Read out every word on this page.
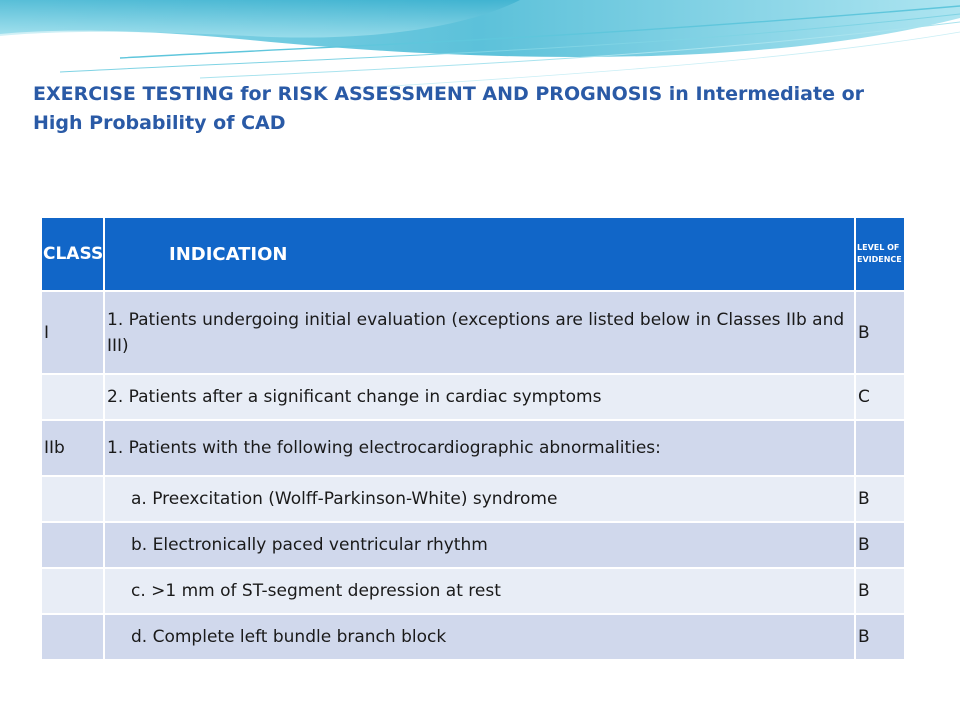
EXERCISE TESTING for RISK ASSESSMENT AND PROGNOSIS in Intermediate or High Probability of CAD
CLASS	INDICATION	LEVEL OF EVIDENCE
I	1. Patients undergoing initial evaluation (exceptions are listed below in Classes IIb and III)	B
	2. Patients after a significant change in cardiac symptoms	C
IIb	1. Patients with the following electrocardiographic abnormalities:	
	a. Preexcitation (Wolff-Parkinson-White) syndrome	B
	b. Electronically paced ventricular rhythm	B
	c. >1 mm of ST-segment depression at rest	B
	d. Complete left bundle branch block	B
